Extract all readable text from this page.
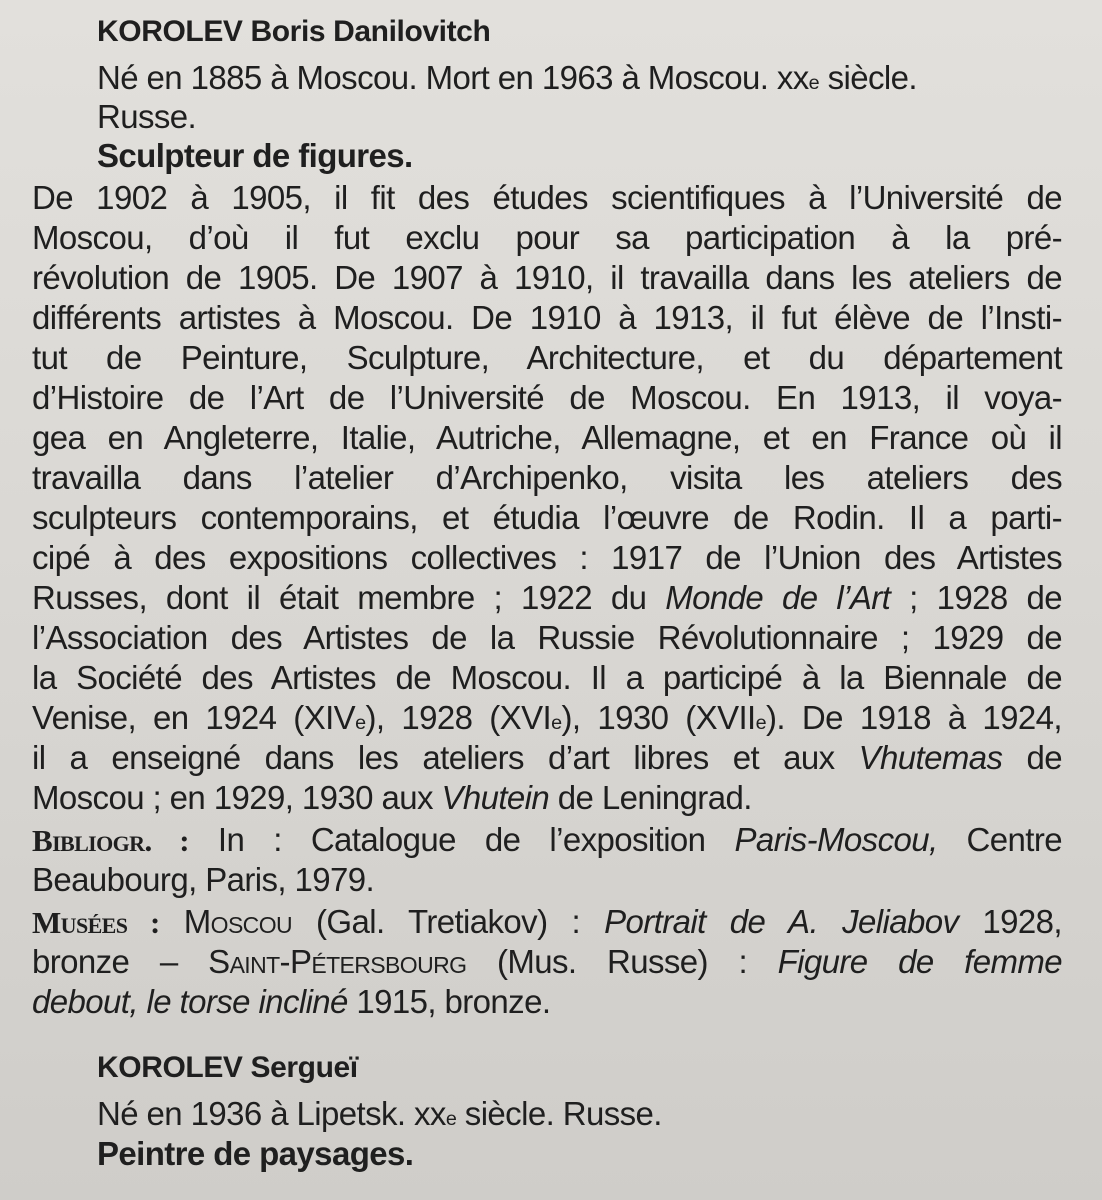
KOROLEV Boris Danilovitch
Né en 1885 à Moscou. Mort en 1963 à Moscou. $xx^e$ siècle.
Russe.
Sculpteur de figures.
De 1902 à 1905, il fit des études scientifiques à l’Université de
Moscou, d’où il fut exclu pour sa participation à la pré-
révolution de 1905. De 1907 à 1910, il travailla dans les ateliers de
différents artistes à Moscou. De 1910 à 1913, il fut élève de l’Insti-
tut de Peinture, Sculpture, Architecture, et du département
d’Histoire de l’Art de l’Université de Moscou. En 1913, il voya-
gea en Angleterre, Italie, Autriche, Allemagne, et en France où il
travailla dans l’atelier d’Archipenko, visita les ateliers des
sculpteurs contemporains, et étudia l’œuvre de Rodin. Il a parti-
cipé à des expositions collectives : 1917 de l’Union des Artistes
Russes, dont il était membre ; 1922 du Monde de l’Art ; 1928 de
l’Association des Artistes de la Russie Révolutionnaire ; 1929 de
la Société des Artistes de Moscou. Il a participé à la Biennale de
Venise, en 1924 (XIVe), 1928 (XVIe), 1930 (XVIIe). De 1918 à 1924,
il a enseigné dans les ateliers d’art libres et aux Vhutemas de
Moscou ; en 1929, 1930 aux Vhutein de Leningrad.
Bibliogr. : In : Catalogue de l’exposition Paris-Moscou, Centre
Beaubourg, Paris, 1979.
Musées : Moscou (Gal. Tretiakov) : Portrait de A. Jeliabov 1928,
bronze – Saint-Pétersbourg (Mus. Russe) : Figure de femme
debout, le torse incliné 1915, bronze.
KOROLEV Sergueï
Né en 1936 à Lipetsk. $xx^e$ siècle. Russe.
Peintre de paysages.
